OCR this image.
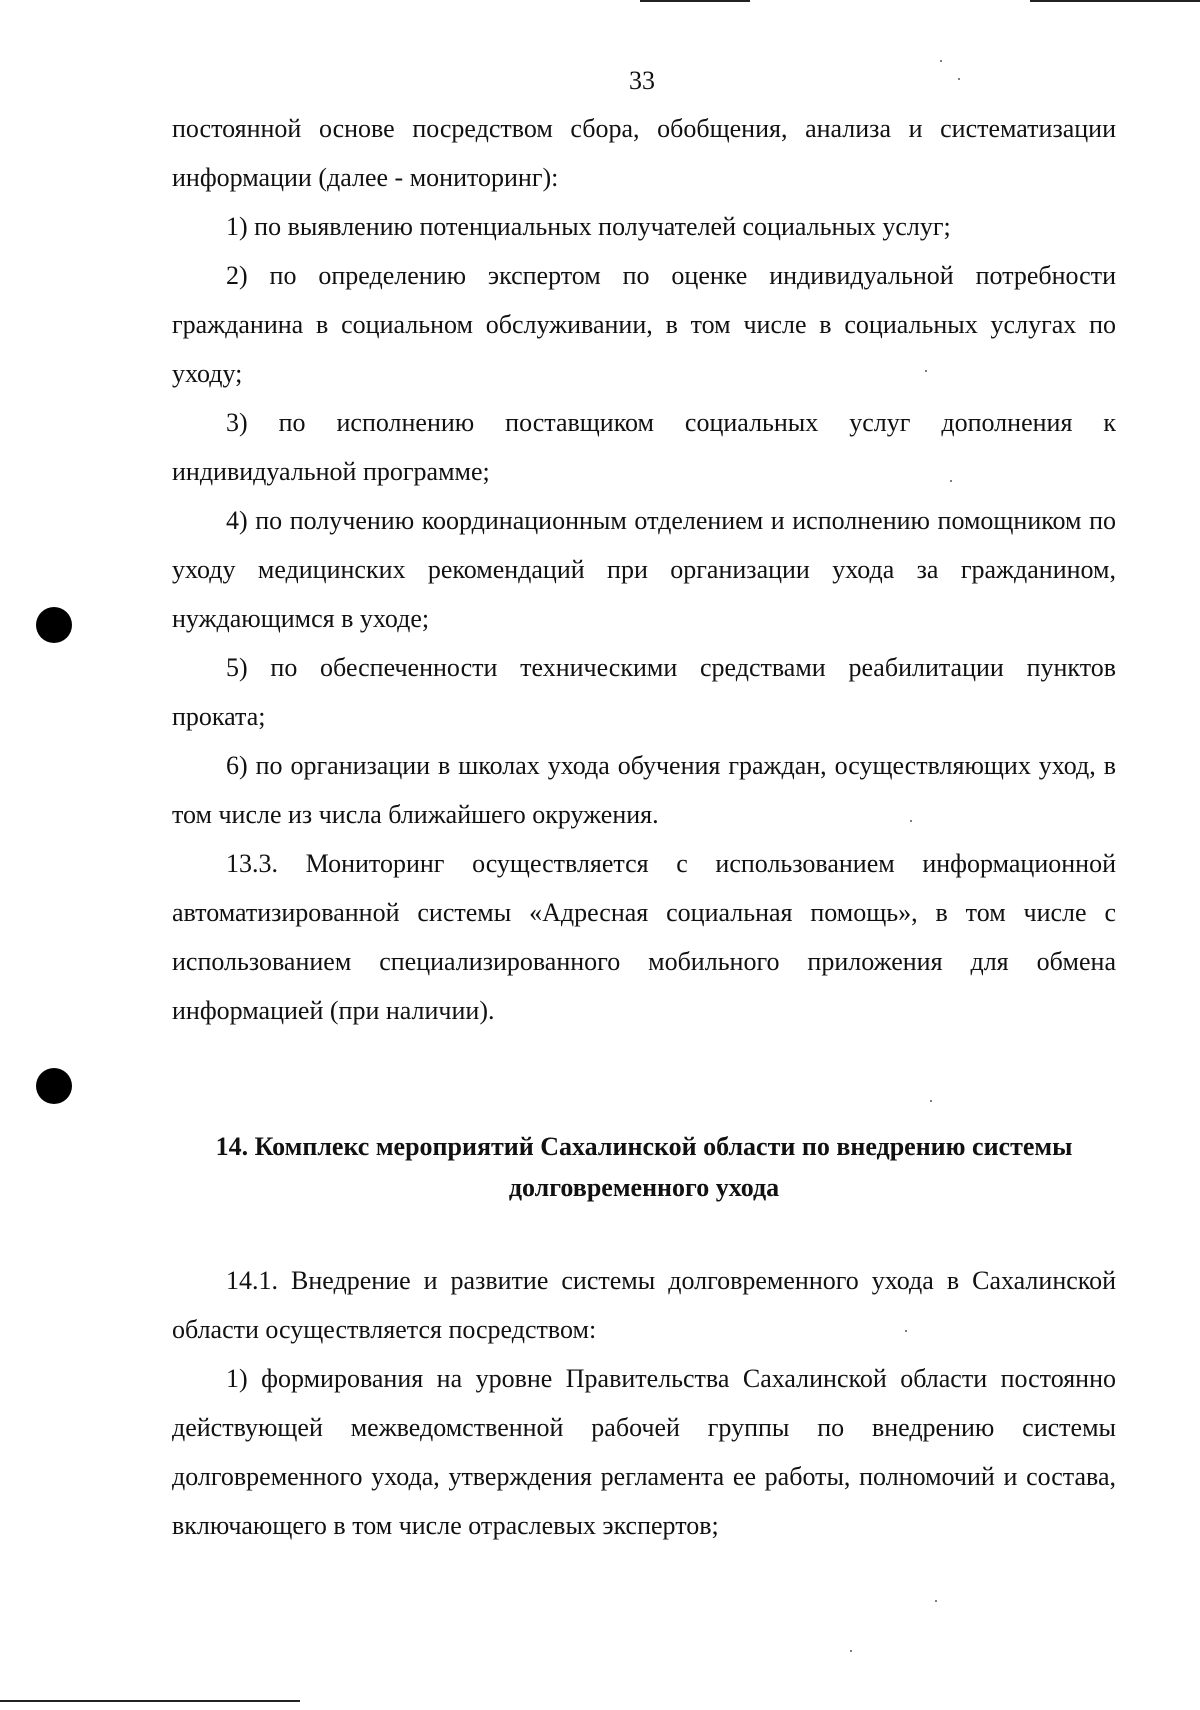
33

постоянной основе посредством сбора, обобщения, анализа и систематизации информации (далее - мониторинг):

1) по выявлению потенциальных получателей социальных услуг;

2) по определению экспертом по оценке индивидуальной потребности гражданина в социальном обслуживании, в том числе в социальных услугах по уходу;

3) по исполнению поставщиком социальных услуг дополнения к индивидуальной программе;

4) по получению координационным отделением и исполнению помощником по уходу медицинских рекомендаций при организации ухода за гражданином, нуждающимся в уходе;

5) по обеспеченности техническими средствами реабилитации пунктов проката;

6) по организации в школах ухода обучения граждан, осуществляющих уход, в том числе из числа ближайшего окружения.

13.3. Мониторинг осуществляется с использованием информационной автоматизированной системы «Адресная социальная помощь», в том числе с использованием специализированного мобильного приложения для обмена информацией (при наличии).

14. Комплекс мероприятий Сахалинской области по внедрению системы
долговременного ухода

14.1. Внедрение и развитие системы долговременного ухода в Сахалинской области осуществляется посредством:

1) формирования на уровне Правительства Сахалинской области постоянно действующей межведомственной рабочей группы по внедрению системы долговременного ухода, утверждения регламента ее работы, полномочий и состава, включающего в том числе отраслевых экспертов;
